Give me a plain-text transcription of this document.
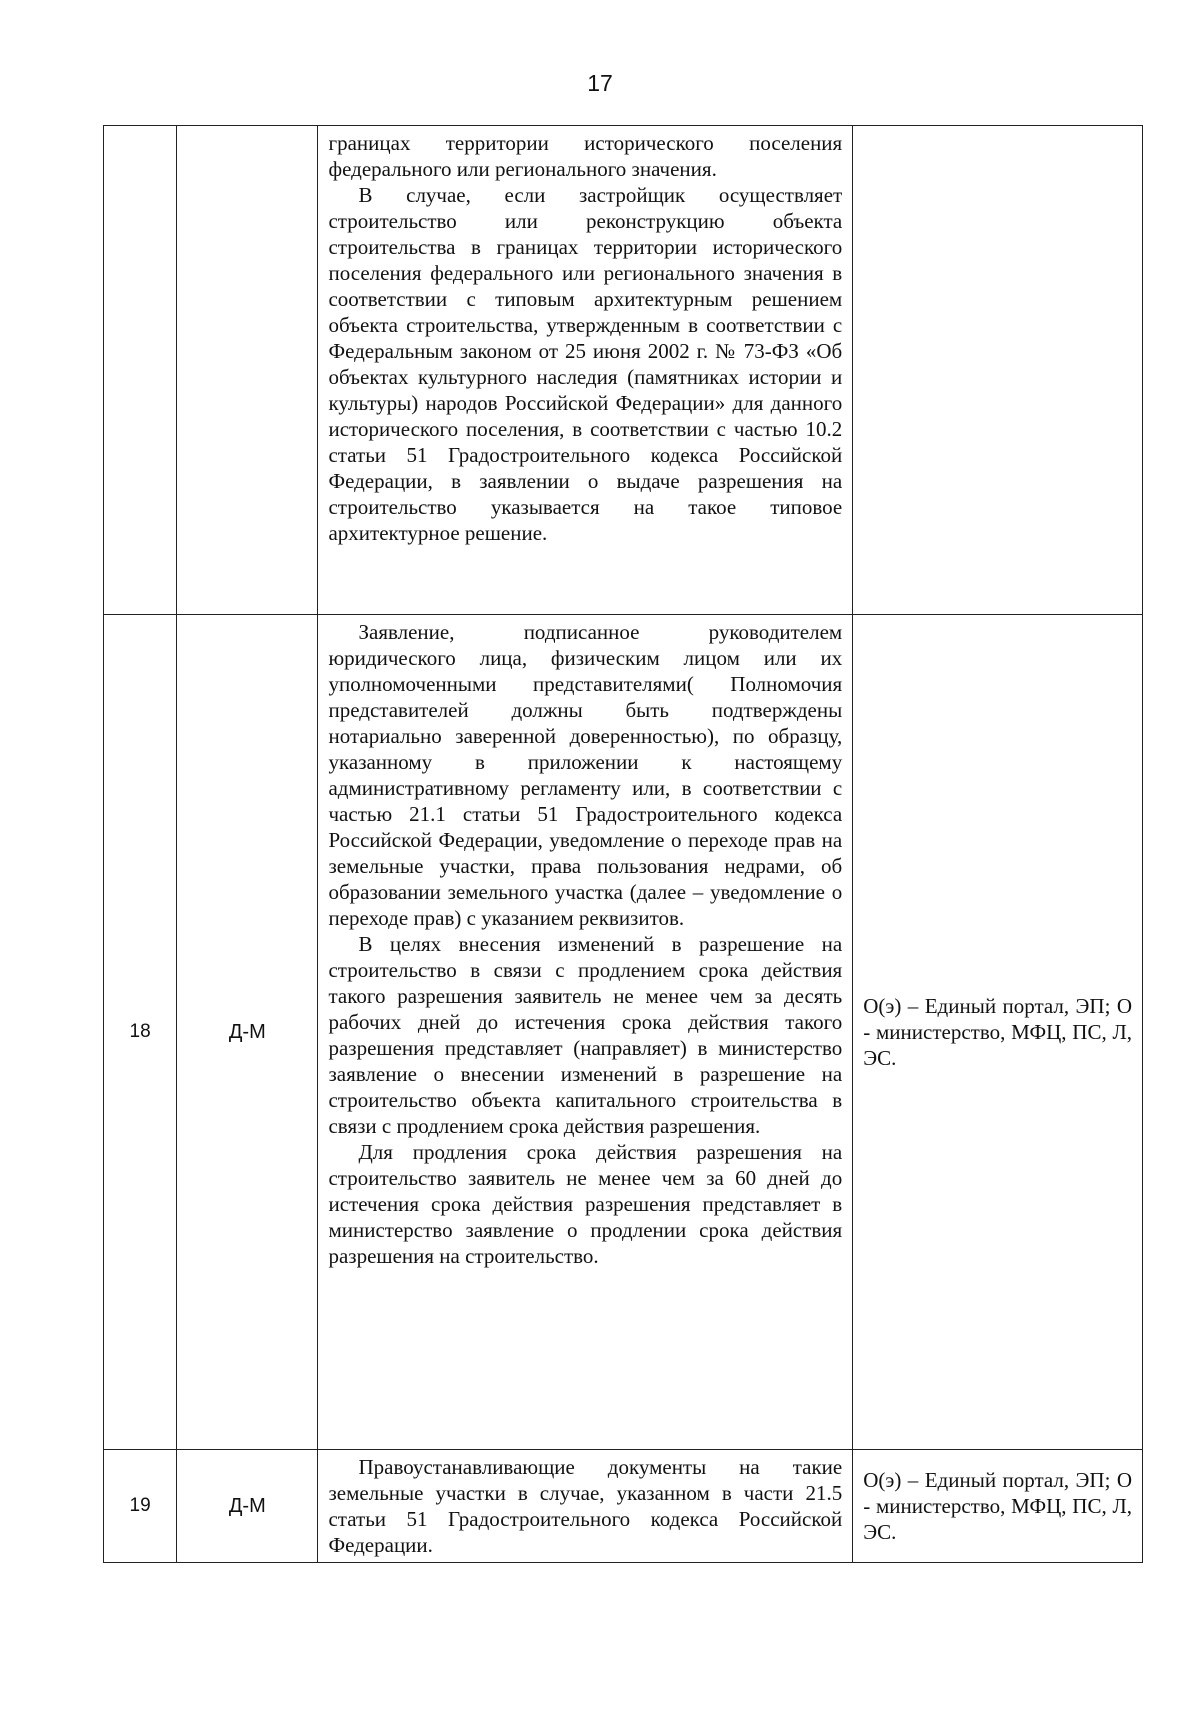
17

		границах территории исторического поселения федерального или регионального значения.

В случае, если застройщик осуществляет строительство или реконструкцию объекта строительства в границах территории исторического поселения федерального или регионального значения в соответствии с типовым архитектурным решением объекта строительства, утвержденным в соответствии с Федеральным законом от 25 июня 2002 г. № 73-ФЗ «Об объектах культурного наследия (памятниках истории и культуры) народов Российской Федерации» для данного исторического поселения, в соответствии с частью 10.2 статьи 51 Градостроительного кодекса Российской Федерации, в заявлении о выдаче разрешения на строительство указывается на такое типовое архитектурное решение.	

18	Д-М	Заявление, подписанное руководителем юридического лица, физическим лицом или их уполномоченными представителями( Полномочия представителей должны быть подтверждены нотариально заверенной доверенностью), по образцу, указанному в приложении к настоящему административному регламенту или, в соответствии с частью 21.1 статьи 51 Градостроительного кодекса Российской Федерации, уведомление о переходе прав на земельные участки, права пользования недрами, об образовании земельного участка (далее – уведомление о переходе прав) с указанием реквизитов.

В целях внесения изменений в разрешение на строительство в связи с продлением срока действия такого разрешения заявитель не менее чем за десять рабочих дней до истечения срока действия такого разрешения представляет (направляет) в министерство заявление о внесении изменений в разрешение на строительство объекта капитального строительства в связи с продлением срока действия разрешения.

Для продления срока действия разрешения на строительство заявитель не менее чем за 60 дней до истечения срока действия разрешения представляет в министерство заявление о продлении срока действия разрешения на строительство.	О(э) – Единый портал, ЭП; О - министерство, МФЦ, ПС, Л, ЭС.

19	Д-М	Правоустанавливающие документы на такие земельные участки в случае, указанном в части 21.5 статьи 51 Градостроительного кодекса Российской Федерации.	О(э) – Единый портал, ЭП; О - министерство, МФЦ, ПС, Л, ЭС.
